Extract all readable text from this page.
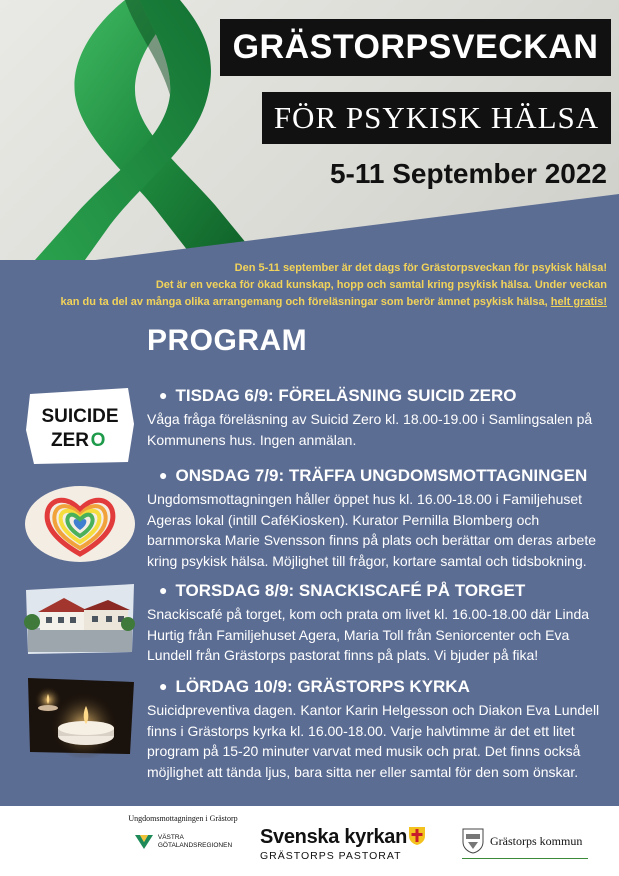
GRÄSTORPSVECKAN
FÖR PSYKISK HÄLSA
5-11 September 2022
Den 5-11 september är det dags för Grästorpsveckan för psykisk hälsa!
Det är en vecka för ökad kunskap, hopp och samtal kring psykisk hälsa. Under veckan
kan du ta del av många olika arrangemang och föreläsningar som berör ämnet psykisk hälsa, helt gratis!
PROGRAM
SUICIDE
ZER O
● TISDAG 6/9: FÖRELÄSNING SUICID ZERO
Våga fråga föreläsning av Suicid Zero kl. 18.00-19.00 i Samlingsalen på Kommunens hus. Ingen anmälan.
● ONSDAG 7/9: TRÄFFA UNGDOMSMOTTAGNINGEN
Ungdomsmottagningen håller öppet hus kl. 16.00-18.00 i Familjehuset Ageras lokal (intill CaféKiosken). Kurator Pernilla Blomberg och barnmorska Marie Svensson finns på plats och berättar om deras arbete kring psykisk hälsa. Möjlighet till frågor, kortare samtal och tidsbokning.
● TORSDAG 8/9: SNACKISCAFÉ PÅ TORGET
Snackiscafé på torget, kom och prata om livet kl. 16.00-18.00 där Linda Hurtig från Familjehuset Agera, Maria Toll från Seniorcenter och Eva Lundell från Grästorps pastorat finns på plats. Vi bjuder på fika!
● LÖRDAG 10/9: GRÄSTORPS KYRKA
Suicidpreventiva dagen. Kantor Karin Helgesson och Diakon Eva Lundell finns i Grästorps kyrka kl. 16.00-18.00. Varje halvtimme är det ett litet program på 15-20 minuter varvat med musik och prat. Det finns också möjlighet att tända ljus, bara sitta ner eller samtal för den som önskar.
Ungdomsmottagningen i Grästorp
VÄSTRA
GÖTALANDSREGIONEN Svenska kyrkan
GRÄSTORPS PASTORAT
Grästorps kommun
